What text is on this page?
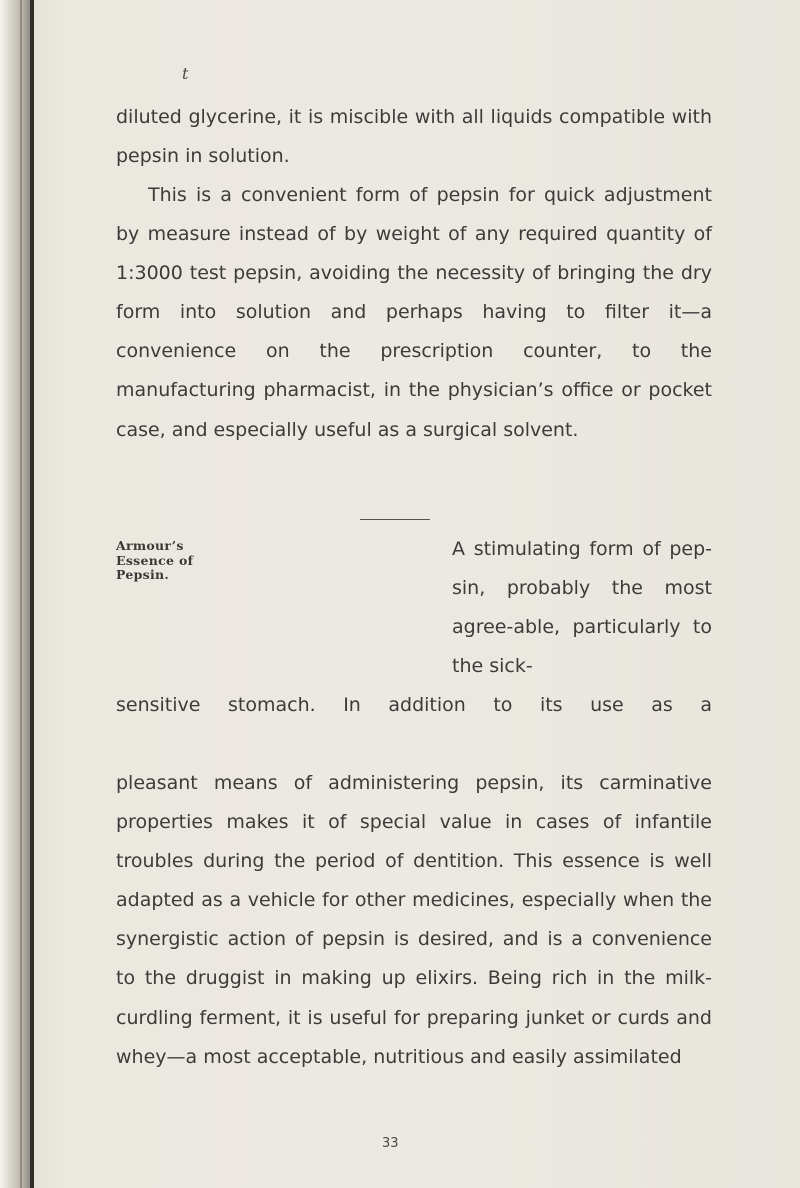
t

diluted glycerine, it is miscible with all liquids compatible with pepsin in solution.

This is a convenient form of pepsin for quick adjustment by measure instead of by weight of any required quantity of 1:3000 test pepsin, avoiding the necessity of bringing the dry form into solution and perhaps having to filter it—a convenience on the prescription counter, to the manufacturing pharmacist, in the physician’s office or pocket case, and especially useful as a surgical solvent.

Armour’s
Essence of
Pepsin.

A stimulating form of pep-sin, probably the most agree-able, particularly to the sick-

sensitive stomach. In addition to its use as a

pleasant means of administering pepsin, its carminative properties makes it of special value in cases of infantile troubles during the period of dentition. This essence is well adapted as a vehicle for other medicines, especially when the synergistic action of pepsin is desired, and is a convenience to the druggist in making up elixirs. Being rich in the milk-curdling ferment, it is useful for preparing junket or curds and whey—a most acceptable, nutritious and easily assimilated

33
